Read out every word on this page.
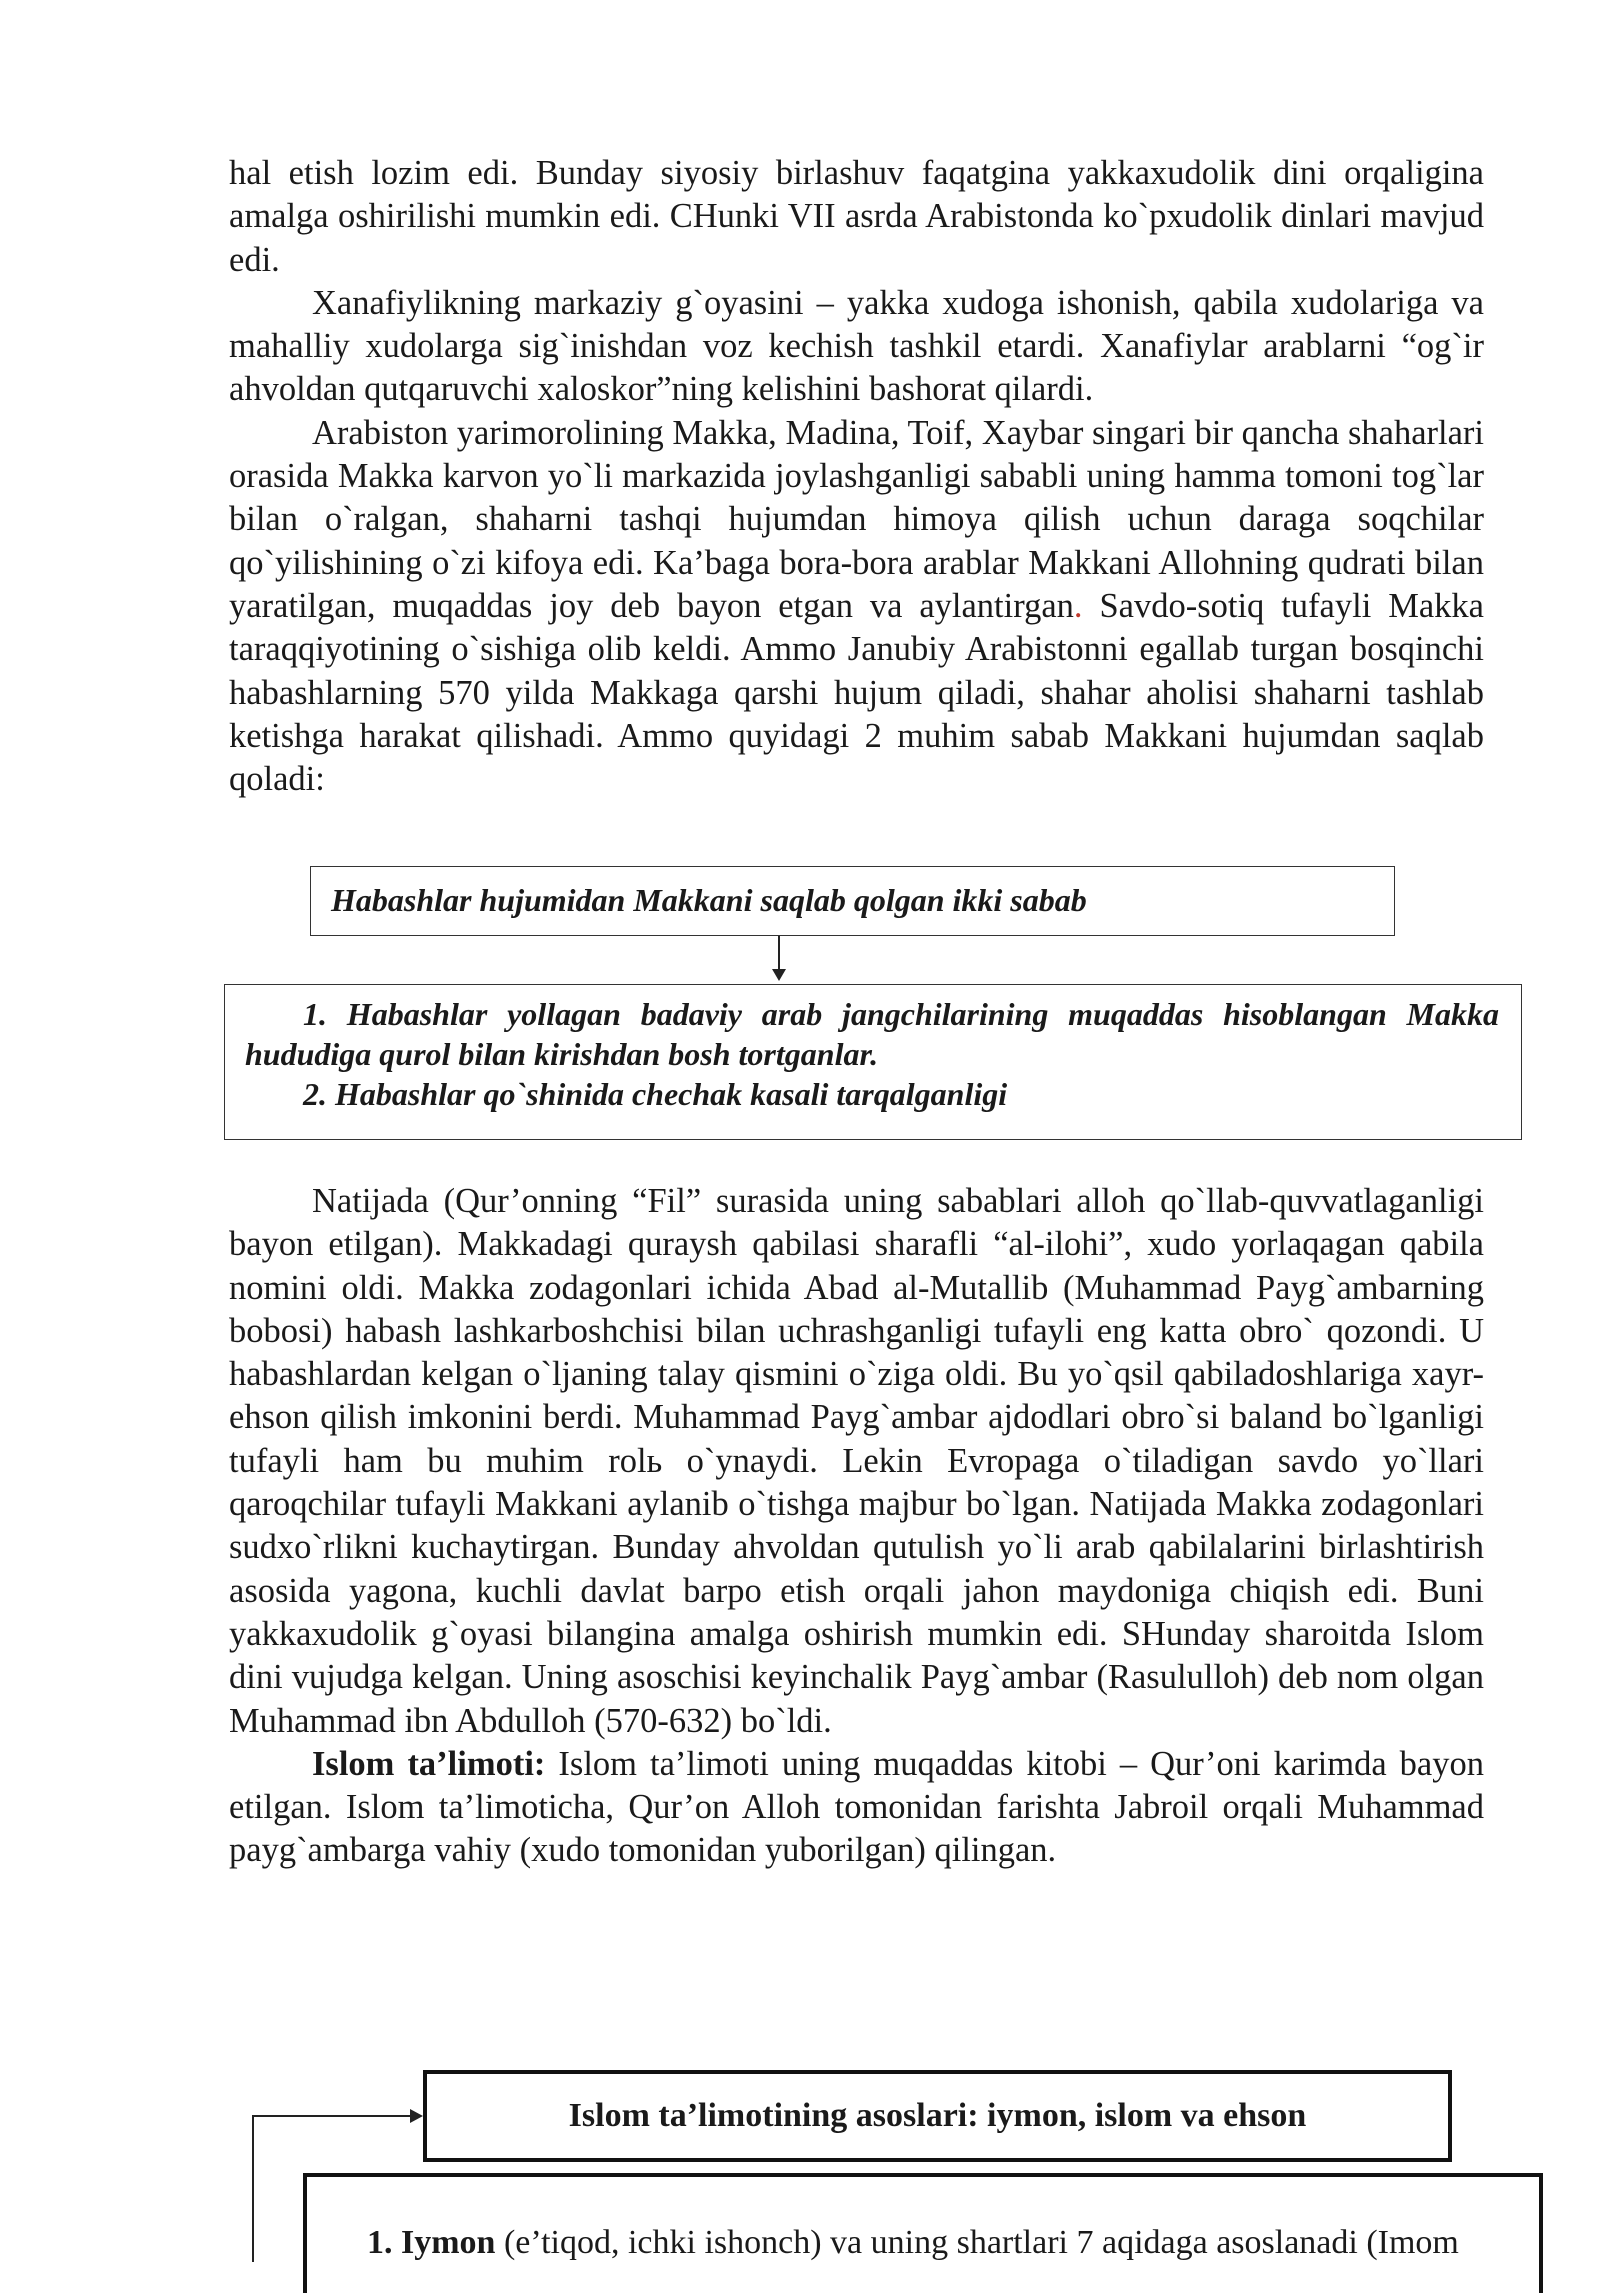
hal etish lozim edi. Bunday siyosiy birlashuv faqatgina yakkaxudolik dini orqaligina amalga oshirilishi mumkin edi. CHunki VII asrda Arabistonda ko`pxudolik dinlari mavjud edi.

Xanafiylikning markaziy g`oyasini – yakka xudoga ishonish, qabila xudolariga va mahalliy xudolarga sig`inishdan voz kechish tashkil etardi. Xanafiylar arablarni “og`ir ahvoldan qutqaruvchi xaloskor”ning kelishini bashorat qilardi.

Arabiston yarimorolining Makka, Madina, Toif, Xaybar singari bir qancha shaharlari orasida Makka karvon yo`li markazida joylashganligi sababli uning hamma tomoni tog`lar bilan o`ralgan, shaharni tashqi hujumdan himoya qilish uchun daraga soqchilar qo`yilishining o`zi kifoya edi. Ka’baga bora-bora arablar Makkani Allohning qudrati bilan yaratilgan, muqaddas joy deb bayon etgan va aylantirgan. Savdo-sotiq tufayli Makka taraqqiyotining o`sishiga olib keldi. Ammo Janubiy Arabistonni egallab turgan bosqinchi habashlarning 570 yilda Makkaga qarshi hujum qiladi, shahar aholisi shaharni tashlab ketishga harakat qilishadi. Ammo quyidagi 2 muhim sabab Makkani hujumdan saqlab qoladi:

Habashlar hujumidan Makkani saqlab qolgan ikki sabab
1. Habashlar yollagan badaviy arab jangchilarining muqaddas hisoblangan Makka hududiga qurol bilan kirishdan bosh tortganlar.
2. Habashlar qo`shinida chechak kasali tarqalganligi

Natijada (Qur’onning “Fil” surasida uning sabablari alloh qo`llab-quvvatlaganligi bayon etilgan). Makkadagi quraysh qabilasi sharafli “al-ilohi”, xudo yorlaqagan qabila nomini oldi. Makka zodagonlari ichida Abad al-Mutallib (Muhammad Payg`ambarning bobosi) habash lashkarboshchisi bilan uchrashganligi tufayli eng katta obro` qozondi. U habashlardan kelgan o`ljaning talay qismini o`ziga oldi. Bu yo`qsil qabiladoshlariga xayr-ehson qilish imkonini berdi. Muhammad Payg`ambar ajdodlari obro`si baland bo`lganligi tufayli ham bu muhim rolь o`ynaydi. Lekin Evropaga o`tiladigan savdo yo`llari qaroqchilar tufayli Makkani aylanib o`tishga majbur bo`lgan. Natijada Makka zodagonlari sudxo`rlikni kuchaytirgan. Bunday ahvoldan qutulish yo`li arab qabilalarini birlashtirish asosida yagona, kuchli davlat barpo etish orqali jahon maydoniga chiqish edi. Buni yakkaxudolik g`oyasi bilangina amalga oshirish mumkin edi. SHunday sharoitda Islom dini vujudga kelgan. Uning asoschisi keyinchalik Payg`ambar (Rasululloh) deb nom olgan Muhammad ibn Abdulloh (570-632) bo`ldi.

Islom ta’limoti: Islom ta’limoti uning muqaddas kitobi – Qur’oni karimda bayon etilgan. Islom ta’limoticha, Qur’on Alloh tomonidan farishta Jabroil orqali Muhammad payg`ambarga vahiy (xudo tomonidan yuborilgan) qilingan.

Islom ta’limotining asoslari: iymon, islom va ehson
1. Iymon (e’tiqod, ichki ishonch) va uning shartlari 7 aqidaga asoslanadi (Imom
